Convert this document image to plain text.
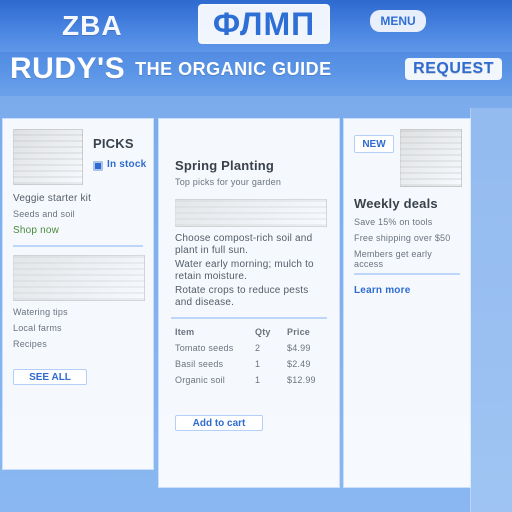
ZBA	ФЛМП	MENU
RUDY'S THE ORGANIC GUIDE	REQUEST
PICKS
In stock
Veggie starter kit
Seeds and soil
Shop now
Watering tips
Local farms
Recipes
SEE ALL
Spring Planting
Top picks for your garden
Choose compost-rich soil and plant in full sun.
Water early morning; mulch to retain moisture.
Rotate crops to reduce pests and disease.
Item	Qty	Price
Tomato seeds	2	$4.99
Basil seeds	1	$2.49
Organic soil	1	$12.99
Add to cart
NEW
Weekly deals
Save 15% on tools
Free shipping over $50
Members get early access
Learn more
